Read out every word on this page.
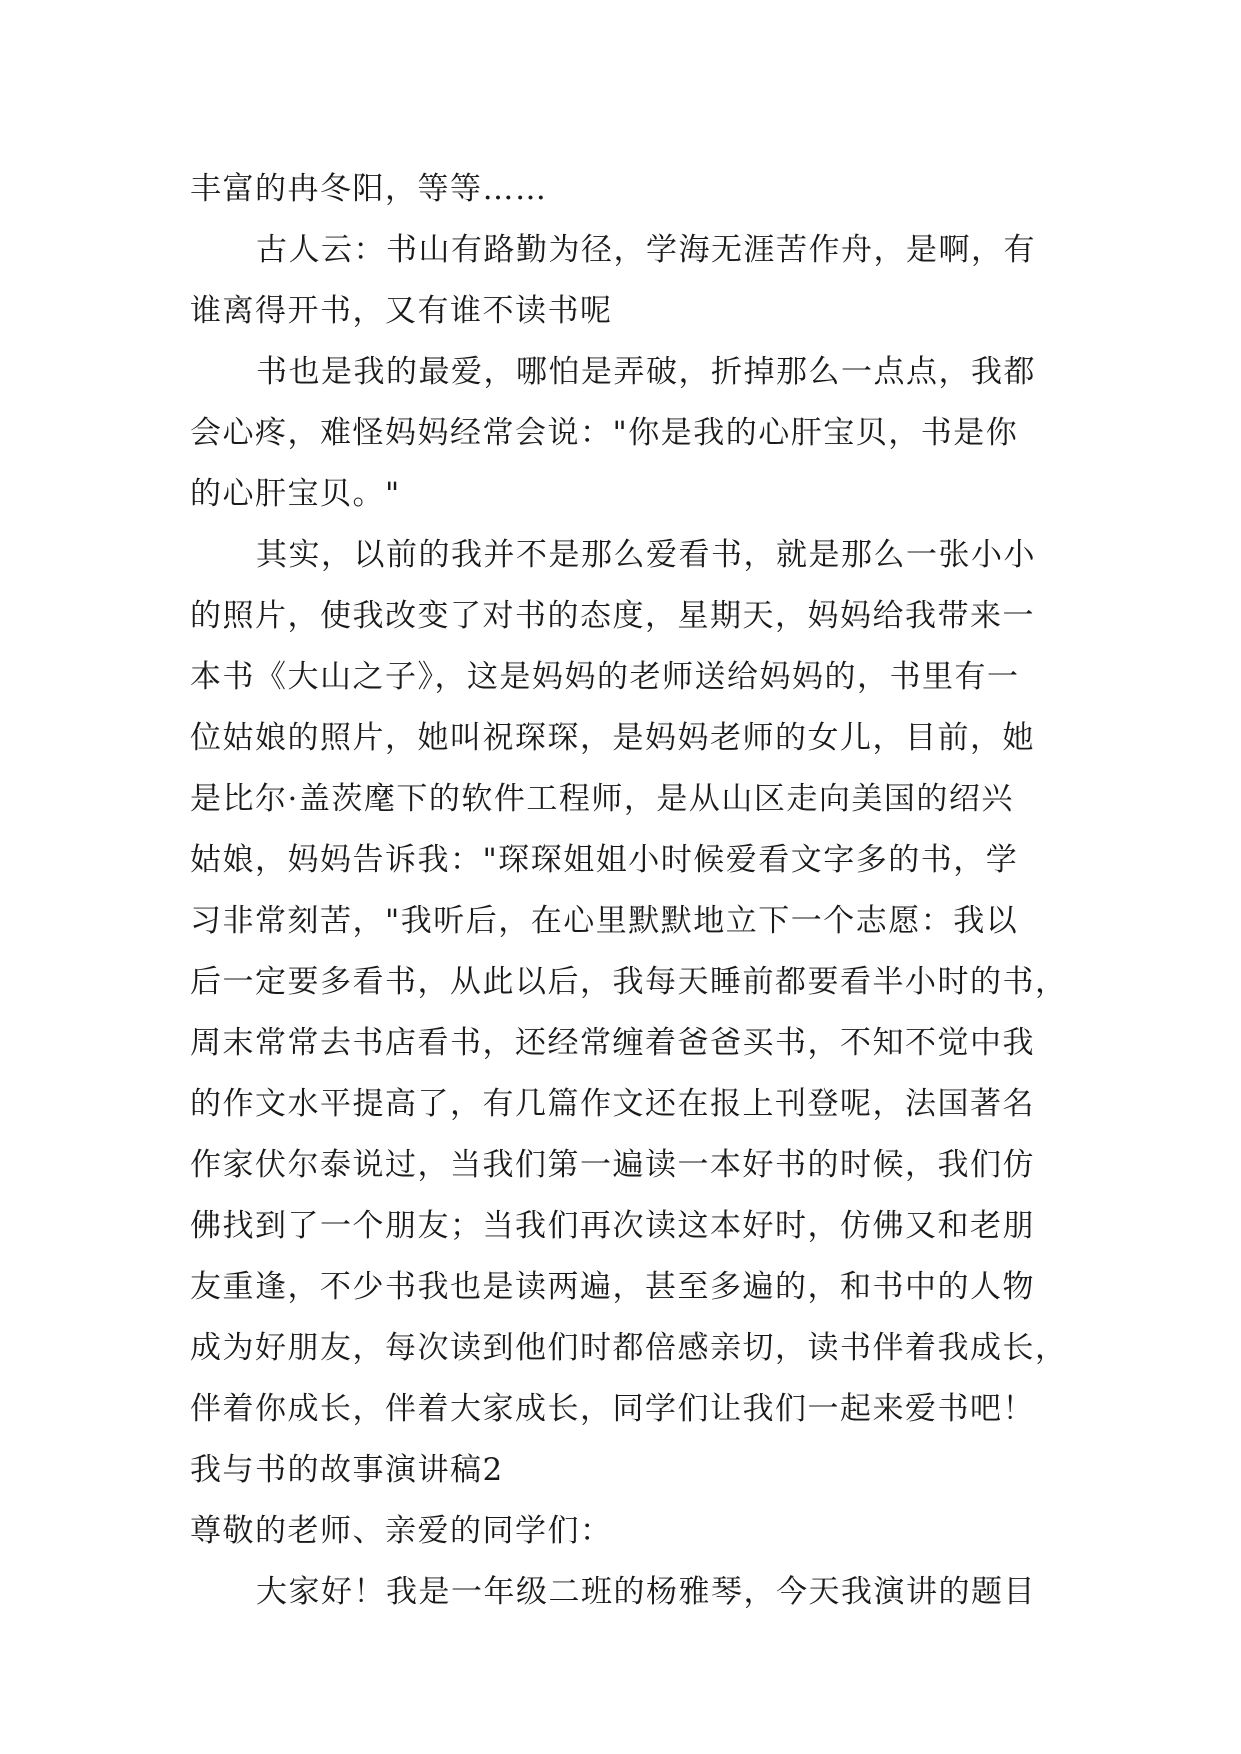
丰富的冉冬阳，等等……
古人云：书山有路勤为径，学海无涯苦作舟，是啊，有
谁离得开书，又有谁不读书呢
书也是我的最爱，哪怕是弄破，折掉那么一点点，我都
会心疼，难怪妈妈经常会说："你是我的心肝宝贝，书是你
的心肝宝贝。"
其实，以前的我并不是那么爱看书，就是那么一张小小
的照片，使我改变了对书的态度，星期天，妈妈给我带来一
本书《大山之子》，这是妈妈的老师送给妈妈的，书里有一
位姑娘的照片，她叫祝琛琛，是妈妈老师的女儿，目前，她
是比尔·盖茨麾下的软件工程师，是从山区走向美国的绍兴
姑娘，妈妈告诉我："琛琛姐姐小时候爱看文字多的书，学
习非常刻苦，"我听后，在心里默默地立下一个志愿：我以
后一定要多看书，从此以后，我每天睡前都要看半小时的书，
周末常常去书店看书，还经常缠着爸爸买书，不知不觉中我
的作文水平提高了，有几篇作文还在报上刊登呢，法国著名
作家伏尔泰说过，当我们第一遍读一本好书的时候，我们仿
佛找到了一个朋友；当我们再次读这本好时，仿佛又和老朋
友重逢，不少书我也是读两遍，甚至多遍的，和书中的人物
成为好朋友，每次读到他们时都倍感亲切，读书伴着我成长，
伴着你成长，伴着大家成长，同学们让我们一起来爱书吧！
我与书的故事演讲稿2
尊敬的老师、亲爱的同学们：
大家好！我是一年级二班的杨雅琴，今天我演讲的题目
